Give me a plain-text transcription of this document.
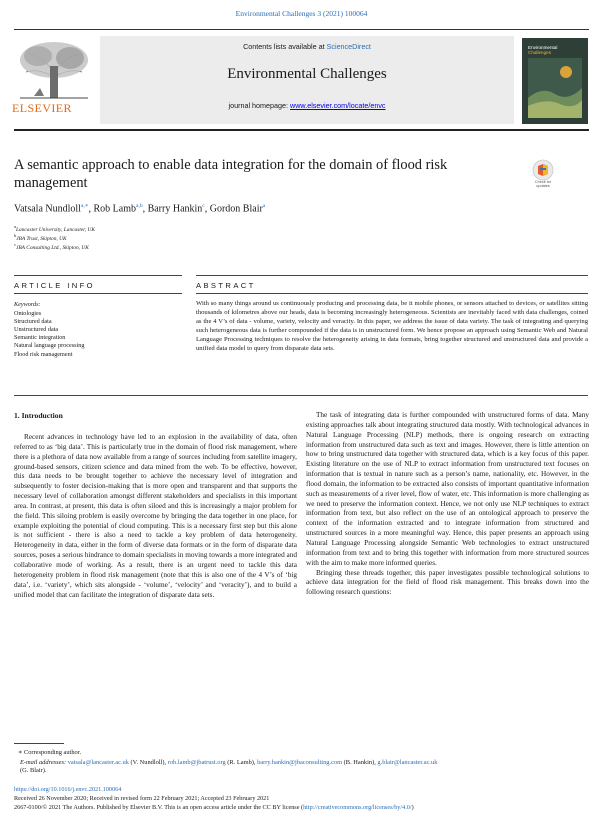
Environmental Challenges 3 (2021) 100064
ELSEVIER
Contents lists available at ScienceDirect
Environmental Challenges
journal homepage: www.elsevier.com/locate/envc
Environmental
Challenges
A semantic approach to enable data integration for the domain of flood risk management	Check for
updates
Vatsala Nundloll$^{a,∗}$, Rob Lamb$^{a,b}$, Barry Hankin$^c$, Gordon Blair$^a$
$^a$Lancaster University, Lancaster, UK
$^b$JBA Trust, Skipton, UK
$^c$JBA Consulting Ltd., Skipton, UK
ARTICLE INFO	ABSTRACT
Keywords:
Ontologies
Structured data
Unstructured data
Semantic integration
Natural language processing
Flood risk management
With so many things around us continuously producing and processing data, be it mobile phones, or sensors attached to devices, or satellites sitting thousands of kilometres above our heads, data is becoming increasingly heterogeneous. Scientists are inevitably faced with data challenges, coined as the 4 V’s of data - volume, variety, velocity and veracity. In this paper, we address the issue of data variety. The task of integrating and querying such heterogeneous data is further compounded if the data is in unstructured form. We hence propose an approach using Semantic Web and Natural Language Processing techniques to resolve the heterogeneity arising in data formats, bring together structured and unstructured data and provide a unified data model to query from disparate data sets.
1. Introduction

Recent advances in technology have led to an explosion in the availability of data, often referred to as ‘big data’. This is particularly true in the domain of flood risk management, where there is a plethora of data now available from a range of sources including from satellite imagery, ground-based sensors, citizen science and data mined from the web. To be effective, however, this data needs to be brought together to achieve the necessary level of integration and subsequently to foster decision-making that is more open and transparent and that supports the necessary level of collaboration amongst different stakeholders and specialists in this important area. In contrast, at present, this data is often siloed and this is increasingly a major problem for the field. This siloing problem is easily overcome by bringing the data together in one place, for example exploiting the potential of cloud computing. This is a necessary first step but this alone is not sufficient - there is also a need to tackle a key problem of data heterogeneity. Heterogeneity in data, either in the form of diverse data formats or in the form of disparate data sources, poses a serious hindrance to domain specialists in moving towards a more integrated and collaborative mode of working. As a result, there is an urgent need to tackle this data heterogeneity problem in flood risk management (note that this is also one of the 4 V’s of ‘big data’, i.e. ‘variety’, which sits alongside - ‘volume’, ‘velocity’ and ‘veracity’), and to build a unified model that can facilitate the integration of disparate data sets.

The task of integrating data is further compounded with unstructured forms of data. Many existing approaches talk about integrating structured data mostly. With technological advances in Natural Language Processing (NLP) methods, there is ongoing research on extracting information from unstructured data such as text and images. However, there is little attention on how to bring unstructured data together with structured data, which is a key focus of this paper. Existing literature on the use of NLP to extract information from unstructured text focuses on information that is textual in nature such as a person’s name, nationality, etc. However, in the flood domain, the information to be extracted also consists of important quantitative information such as measurements of a river level, flow of water, etc. This information is more challenging as we need to preserve the information context. Hence, we not only use NLP techniques to extract information from text, but also reflect on the use of an ontological approach to preserve the context of the information extracted and to integrate information from structured and unstructured sources in a more meaningful way. Hence, this paper presents an approach using Natural Language Processing alongside Semantic Web technologies to extract unstructured information from text and to bring this together with information from more structured sources with the aim to make more informed queries.

Bringing these threads together, this paper investigates possible technological solutions to achieve data integration for the field of flood risk management. This breaks down into the following research questions:

∗ Corresponding author.
E-mail addresses: vatsala@lancaster.ac.uk (V. Nundloll), rob.lamb@jbatrust.org (R. Lamb), barry.hankin@jbaconsulting.com (B. Hankin), g.blair@lancaster.ac.uk
(G. Blair).
https://doi.org/10.1016/j.envc.2021.100064
Received 26 November 2020; Received in revised form 22 February 2021; Accepted 23 February 2021
2667-0100/© 2021 The Authors. Published by Elsevier B.V. This is an open access article under the CC BY license (http://creativecommons.org/licenses/by/4.0/)
